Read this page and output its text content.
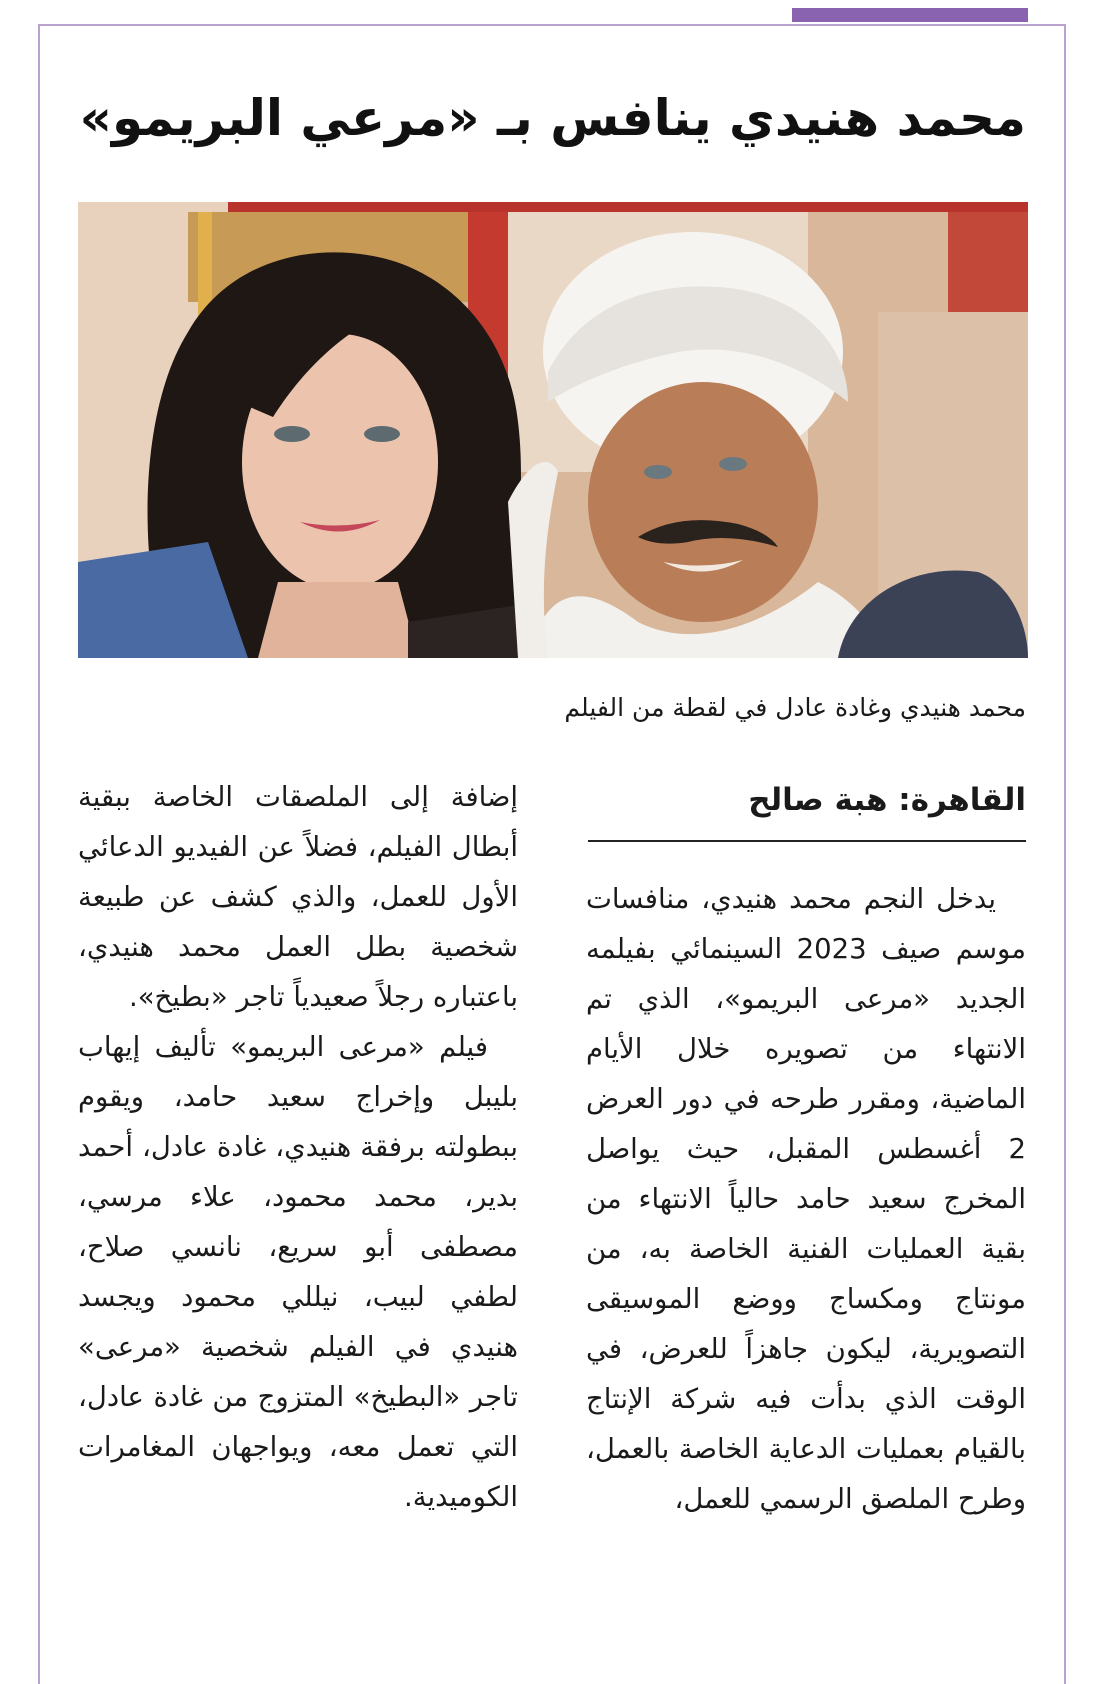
محمد هنيدي ينافس بـ «مرعي البريمو»
محمد هنيدي وغادة عادل في لقطة من الفيلم
القاهرة: هبة صالح

يدخل النجم محمد هنيدي، منافسات موسم صيف 2023 السينمائي بفيلمه الجديد «مرعى البريمو»، الذي تم الانتهاء من تصويره خلال الأيام الماضية، ومقرر طرحه في دور العرض 2 أغسطس المقبل، حيث يواصل المخرج سعيد حامد حالياً الانتهاء من بقية العمليات الفنية الخاصة به، من مونتاج ومكساج ووضع الموسيقى التصويرية، ليكون جاهزاً للعرض، في الوقت الذي بدأت فيه شركة الإنتاج بالقيام بعمليات الدعاية الخاصة بالعمل، وطرح الملصق الرسمي للعمل،

إضافة إلى الملصقات الخاصة ببقية أبطال الفيلم، فضلاً عن الفيديو الدعائي الأول للعمل، والذي كشف عن طبيعة شخصية بطل العمل محمد هنيدي، باعتباره رجلاً صعيدياً تاجر «بطيخ».

فيلم «مرعى البريمو» تأليف إيهاب بليبل وإخراج سعيد حامد، ويقوم ببطولته برفقة هنيدي، غادة عادل، أحمد بدير، محمد محمود، علاء مرسي، مصطفى أبو سريع، نانسي صلاح، لطفي لبيب، نيللي محمود ويجسد هنيدي في الفيلم شخصية «مرعى» تاجر «البطيخ» المتزوج من غادة عادل، التي تعمل معه، ويواجهان المغامرات الكوميدية.
